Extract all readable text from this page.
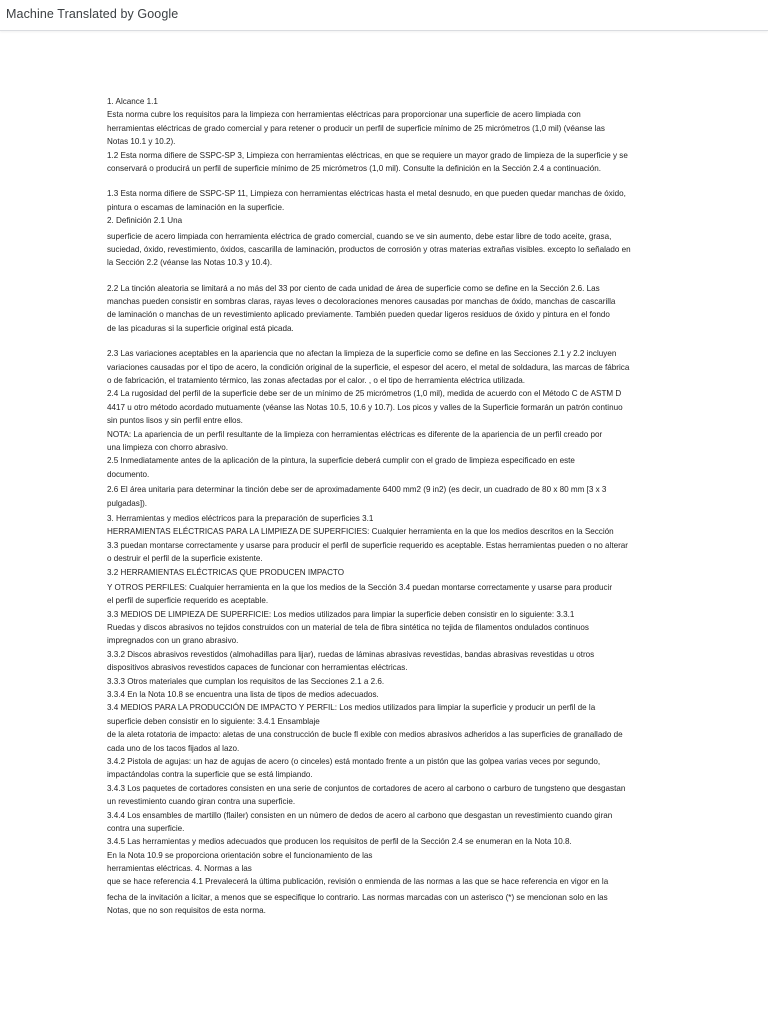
Machine Translated by Google
1. Alcance 1.1
Esta norma cubre los requisitos para la limpieza con herramientas eléctricas para proporcionar una superficie de acero limpiada con
herramientas eléctricas de grado comercial y para retener o producir un perfil de superficie mínimo de 25 micrómetros (1,0 mil) (véanse las
Notas 10.1 y 10.2).
1.2 Esta norma difiere de SSPC-SP 3, Limpieza con herramientas eléctricas, en que se requiere un mayor grado de limpieza de la superficie y se
conservará o producirá un perfil de superficie mínimo de 25 micrómetros (1,0 mil). Consulte la definición en la Sección 2.4 a continuación.
1.3 Esta norma difiere de SSPC-SP 11, Limpieza con herramientas eléctricas hasta el metal desnudo, en que pueden quedar manchas de óxido,
pintura o escamas de laminación en la superficie.
2. Definición 2.1 Una
superficie de acero limpiada con herramienta eléctrica de grado comercial, cuando se ve sin aumento, debe estar libre de todo aceite, grasa,
suciedad, óxido, revestimiento, óxidos, cascarilla de laminación, productos de corrosión y otras materias extrañas visibles. excepto lo señalado en
la Sección 2.2 (véanse las Notas 10.3 y 10.4).
2.2 La tinción aleatoria se limitará a no más del 33 por ciento de cada unidad de área de superficie como se define en la Sección 2.6. Las
manchas pueden consistir en sombras claras, rayas leves o decoloraciones menores causadas por manchas de óxido, manchas de cascarilla
de laminación o manchas de un revestimiento aplicado previamente. También pueden quedar ligeros residuos de óxido y pintura en el fondo
de las picaduras si la superficie original está picada.
2.3 Las variaciones aceptables en la apariencia que no afectan la limpieza de la superficie como se define en las Secciones 2.1 y 2.2 incluyen
variaciones causadas por el tipo de acero, la condición original de la superficie, el espesor del acero, el metal de soldadura, las marcas de fábrica
o de fabricación, el tratamiento térmico, las zonas afectadas por el calor. , o el tipo de herramienta eléctrica utilizada.
2.4 La rugosidad del perfil de la superficie debe ser de un mínimo de 25 micrómetros (1,0 mil), medida de acuerdo con el Método C de ASTM D
4417 u otro método acordado mutuamente (véanse las Notas 10.5, 10.6 y 10.7). Los picos y valles de la Superficie formarán un patrón continuo
sin puntos lisos y sin perfil entre ellos.
NOTA: La apariencia de un perfil resultante de la limpieza con herramientas eléctricas es diferente de la apariencia de un perfil creado por
una limpieza con chorro abrasivo.
2.5 Inmediatamente antes de la aplicación de la pintura, la superficie deberá cumplir con el grado de limpieza especificado en este
documento.
2.6 El área unitaria para determinar la tinción debe ser de aproximadamente 6400 mm2 (9 in2) (es decir, un cuadrado de 80 x 80 mm [3 x 3
pulgadas]).
3. Herramientas y medios eléctricos para la preparación de superficies 3.1
HERRAMIENTAS ELÉCTRICAS PARA LA LIMPIEZA DE SUPERFICIES: Cualquier herramienta en la que los medios descritos en la Sección
3.3 puedan montarse correctamente y usarse para producir el perfil de superficie requerido es aceptable. Estas herramientas pueden o no alterar
o destruir el perfil de la superficie existente.
3.2 HERRAMIENTAS ELÉCTRICAS QUE PRODUCEN IMPACTO
Y OTROS PERFILES: Cualquier herramienta en la que los medios de la Sección 3.4 puedan montarse correctamente y usarse para producir
el perfil de superficie requerido es aceptable.
3.3 MEDIOS DE LIMPIEZA DE SUPERFICIE: Los medios utilizados para limpiar la superficie deben consistir en lo siguiente: 3.3.1
Ruedas y discos abrasivos no tejidos construidos con un material de tela de fibra sintética no tejida de filamentos ondulados continuos
impregnados con un grano abrasivo.
3.3.2 Discos abrasivos revestidos (almohadillas para lijar), ruedas de láminas abrasivas revestidas, bandas abrasivas revestidas u otros
dispositivos abrasivos revestidos capaces de funcionar con herramientas eléctricas.
3.3.3 Otros materiales que cumplan los requisitos de las Secciones 2.1 a 2.6.
3.3.4 En la Nota 10.8 se encuentra una lista de tipos de medios adecuados.
3.4 MEDIOS PARA LA PRODUCCIÓN DE IMPACTO Y PERFIL: Los medios utilizados para limpiar la superficie y producir un perfil de la
superficie deben consistir en lo siguiente: 3.4.1 Ensamblaje
de la aleta rotatoria de impacto: aletas de una construcción de bucle fl exible con medios abrasivos adheridos a las superficies de granallado de
cada uno de los tacos fijados al lazo.
3.4.2 Pistola de agujas: un haz de agujas de acero (o cinceles) está montado frente a un pistón que las golpea varias veces por segundo,
impactándolas contra la superficie que se está limpiando.
3.4.3 Los paquetes de cortadores consisten en una serie de conjuntos de cortadores de acero al carbono o carburo de tungsteno que desgastan
un revestimiento cuando giran contra una superficie.
3.4.4 Los ensambles de martillo (flailer) consisten en un número de dedos de acero al carbono que desgastan un revestimiento cuando giran
contra una superficie.
3.4.5 Las herramientas y medios adecuados que producen los requisitos de perfil de la Sección 2.4 se enumeran en la Nota 10.8.
En la Nota 10.9 se proporciona orientación sobre el funcionamiento de las
herramientas eléctricas. 4. Normas a las
que se hace referencia 4.1 Prevalecerá la última publicación, revisión o enmienda de las normas a las que se hace referencia en vigor en la
fecha de la invitación a licitar, a menos que se especifique lo contrario. Las normas marcadas con un asterisco (*) se mencionan solo en las
Notas, que no son requisitos de esta norma.
